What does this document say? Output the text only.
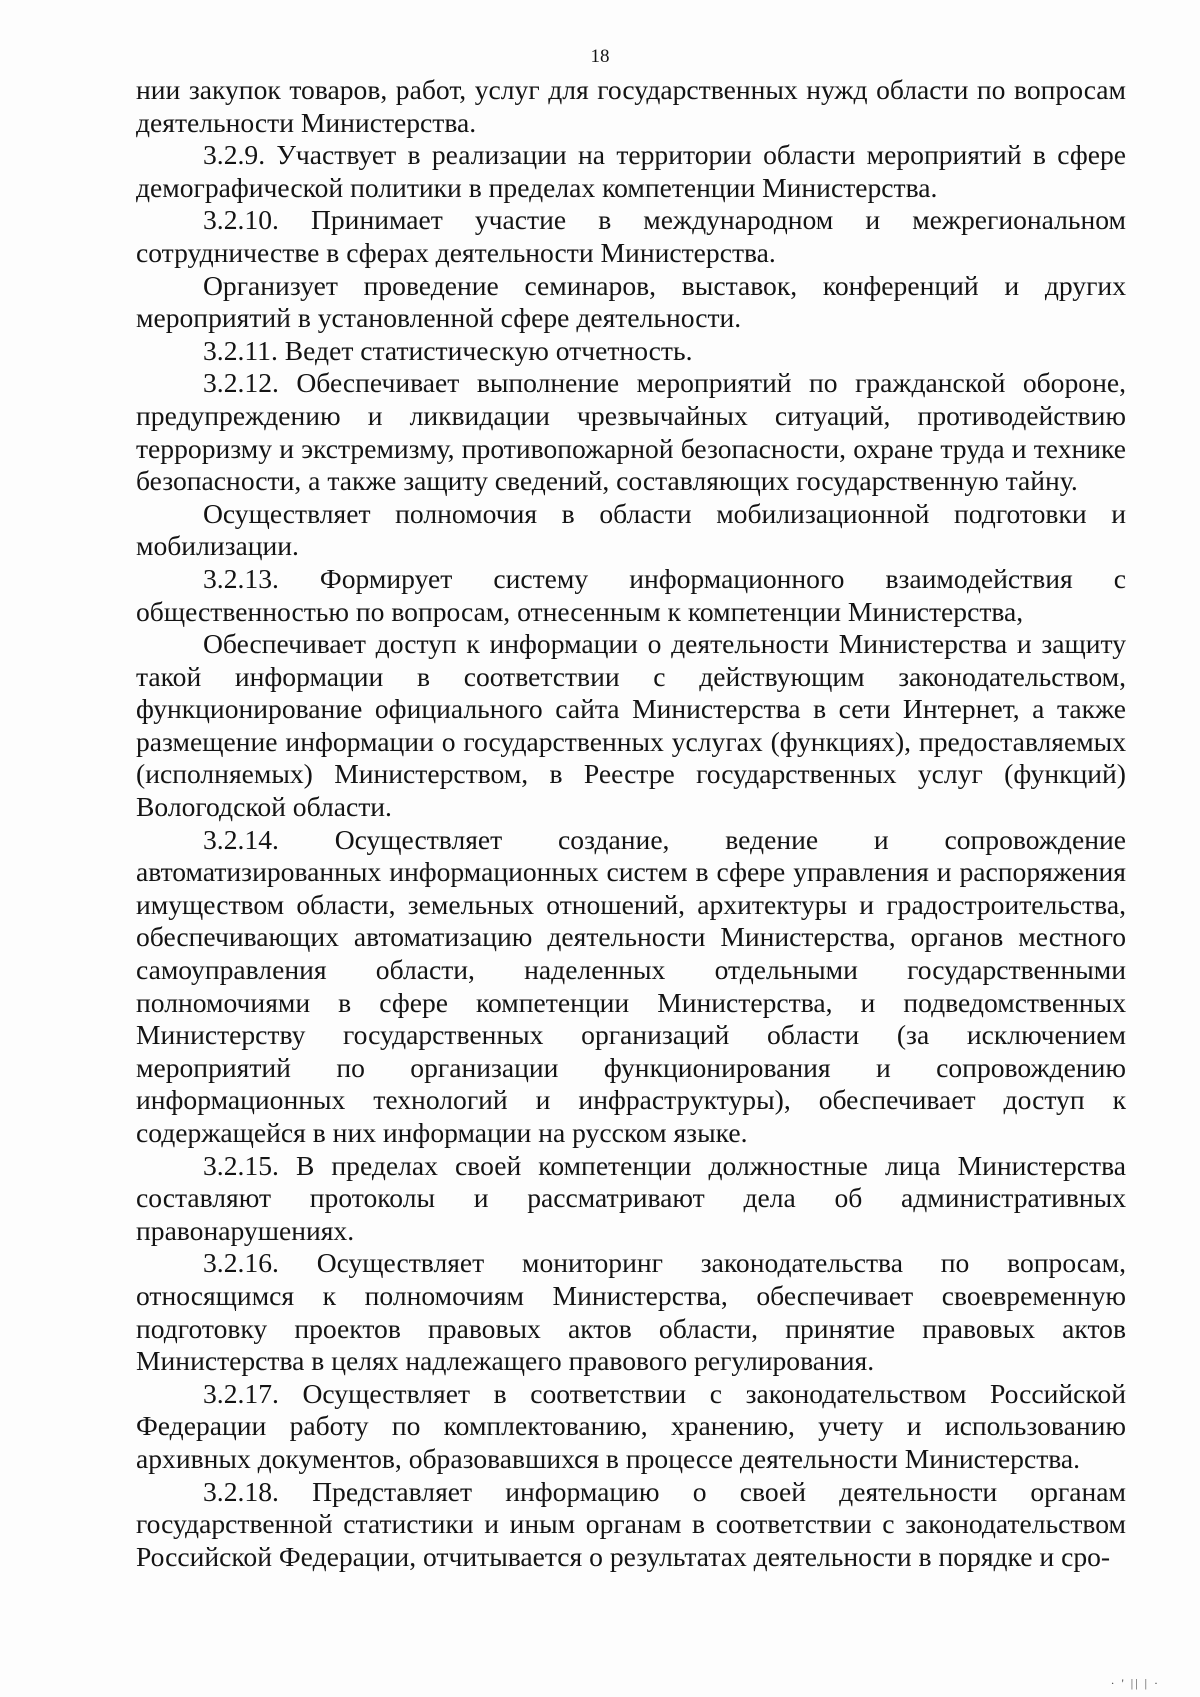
18

нии закупок товаров, работ, услуг для государственных нужд области по вопросам деятельности Министерства.

3.2.9. Участвует в реализации на территории области мероприятий в сфере демографической политики в пределах компетенции Министерства.

3.2.10. Принимает участие в международном и межрегиональном сотрудничестве в сферах деятельности Министерства.

Организует проведение семинаров, выставок, конференций и других мероприятий в установленной сфере деятельности.

3.2.11. Ведет статистическую отчетность.

3.2.12. Обеспечивает выполнение мероприятий по гражданской обороне, предупреждению и ликвидации чрезвычайных ситуаций, противодействию терроризму и экстремизму, противопожарной безопасности, охране труда и технике безопасности, а также защиту сведений, составляющих государственную тайну.

Осуществляет полномочия в области мобилизационной подготовки и мобилизации.

3.2.13. Формирует систему информационного взаимодействия с общественностью по вопросам, отнесенным к компетенции Министерства,

Обеспечивает доступ к информации о деятельности Министерства и защиту такой информации в соответствии с действующим законодательством, функционирование официального сайта Министерства в сети Интернет, а также размещение информации о государственных услугах (функциях), предоставляемых (исполняемых) Министерством, в Реестре государственных услуг (функций) Вологодской области.

3.2.14. Осуществляет создание, ведение и сопровождение автоматизированных информационных систем в сфере управления и распоряжения имуществом области, земельных отношений, архитектуры и градостроительства, обеспечивающих автоматизацию деятельности Министерства, органов местного самоуправления области, наделенных отдельными государственными полномочиями в сфере компетенции Министерства, и подведомственных Министерству государственных организаций области (за исключением мероприятий по организации функционирования и сопровождению информационных технологий и инфраструктуры), обеспечивает доступ к содержащейся в них информации на русском языке.

3.2.15. В пределах своей компетенции должностные лица Министерства составляют протоколы и рассматривают дела об административных правонарушениях.

3.2.16. Осуществляет мониторинг законодательства по вопросам, относящимся к полномочиям Министерства, обеспечивает своевременную подготовку проектов правовых актов области, принятие правовых актов Министерства в целях надлежащего правового регулирования.

3.2.17. Осуществляет в соответствии с законодательством Российской Федерации работу по комплектованию, хранению, учету и использованию архивных документов, образовавшихся в процессе деятельности Министерства.

3.2.18. Представляет информацию о своей деятельности органам государственной статистики и иным органам в соответствии с законодательством Российской Федерации, отчитывается о результатах деятельности в порядке и сро-

· ' || | ·
